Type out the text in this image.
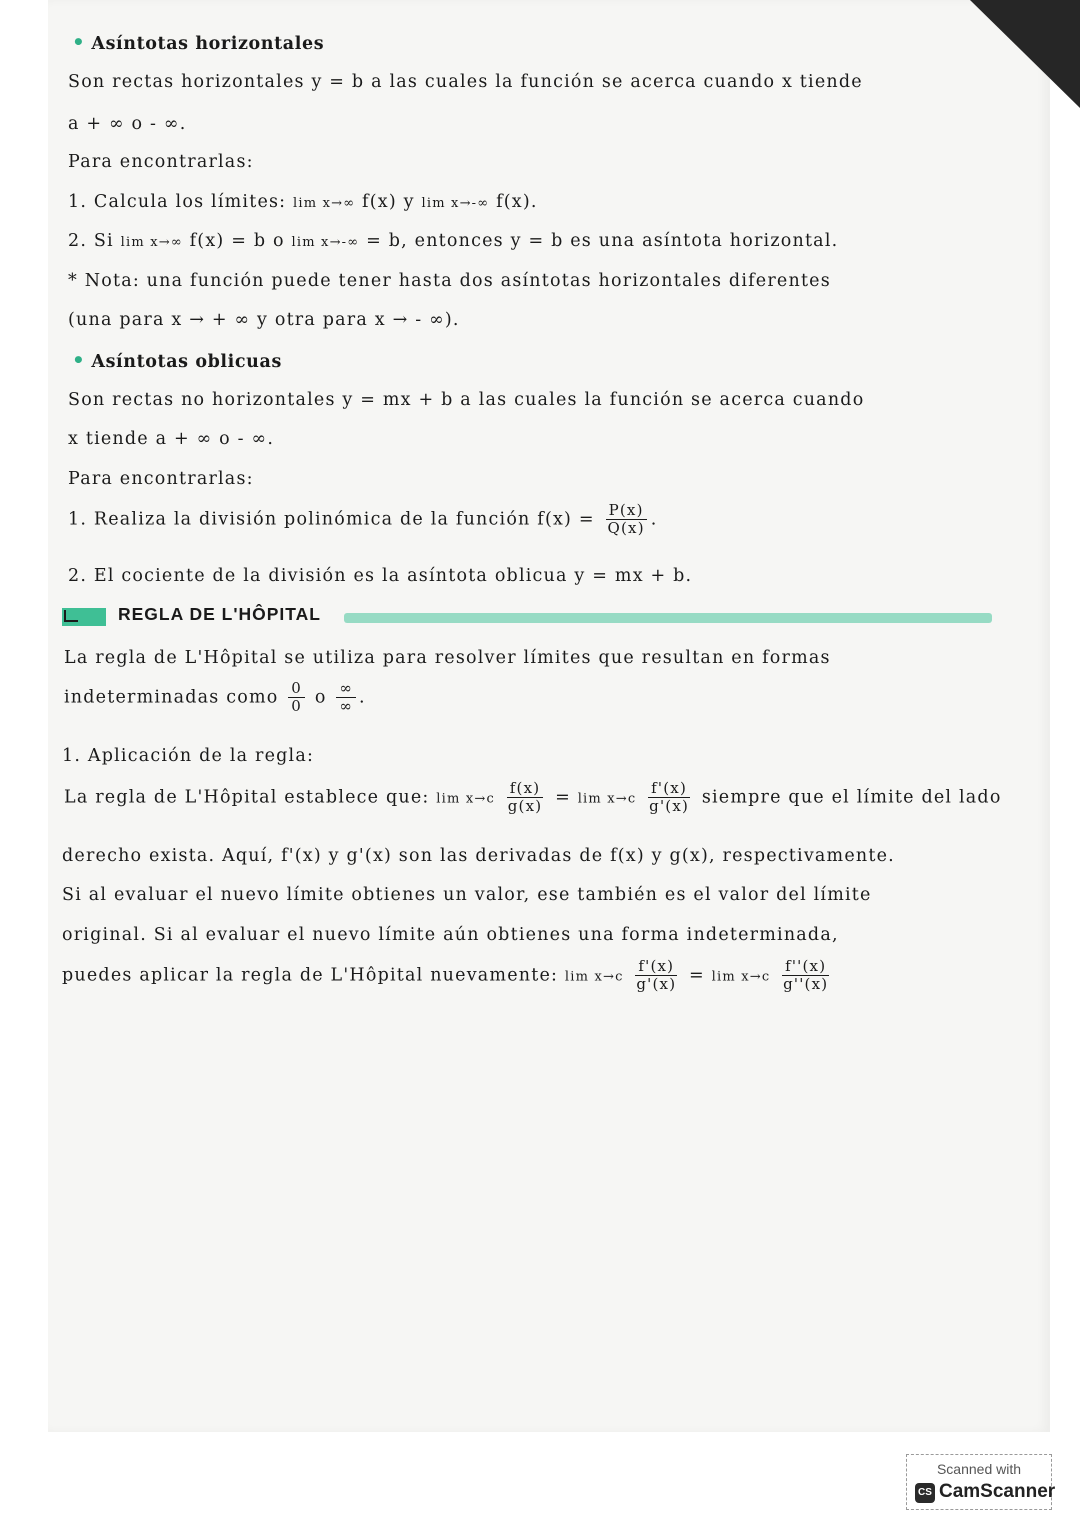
• Asíntotas horizontales
Son rectas horizontales y = b a las cuales la función se acerca cuando x tiende
a + ∞ o - ∞.
Para encontrarlas:
1. Calcula los límites: lim x→∞ f(x) y lim x→-∞ f(x).
2. Si lim x→∞ f(x) = b o lim x→-∞ = b, entonces y = b es una asíntota horizontal.
* Nota: una función puede tener hasta dos asíntotas horizontales diferentes
(una para x → + ∞ y otra para x → - ∞).
• Asíntotas oblicuas
Son rectas no horizontales y = mx + b a las cuales la función se acerca cuando
x tiende a + ∞ o - ∞.
Para encontrarlas:
1. Realiza la división polinómica de la función $f(x) = \frac{P(x)}{Q(x)}$ .
2. El cociente de la división es la asíntota oblicua y = mx + b.
REGLA DE L'HÔPITAL
La regla de L'Hôpital se utiliza para resolver límites que resultan en formas
indeterminadas como $\frac{0}{0}$ o $\frac{\infty}{\infty}$ .
1. Aplicación de la regla:
La regla de L'Hôpital establece que: $\lim x\to c \frac{f(x)}{g(x)} = \lim x\to c \frac{f'(x)}{g'(x)}$ siempre que el límite del lado
derecho exista. Aquí, f'(x) y g'(x) son las derivadas de f(x) y g(x), respectivamente.
Si al evaluar el nuevo límite obtienes un valor, ese también es el valor del límite
original. Si al evaluar el nuevo límite aún obtienes una forma indeterminada,
puedes aplicar la regla de L'Hôpital nuevamente: $\lim x\to c \frac{f'(x)}{g'(x)} = \lim x\to c \frac{f''(x)}{g''(x)}$
Scanned with
CS CamScanner
